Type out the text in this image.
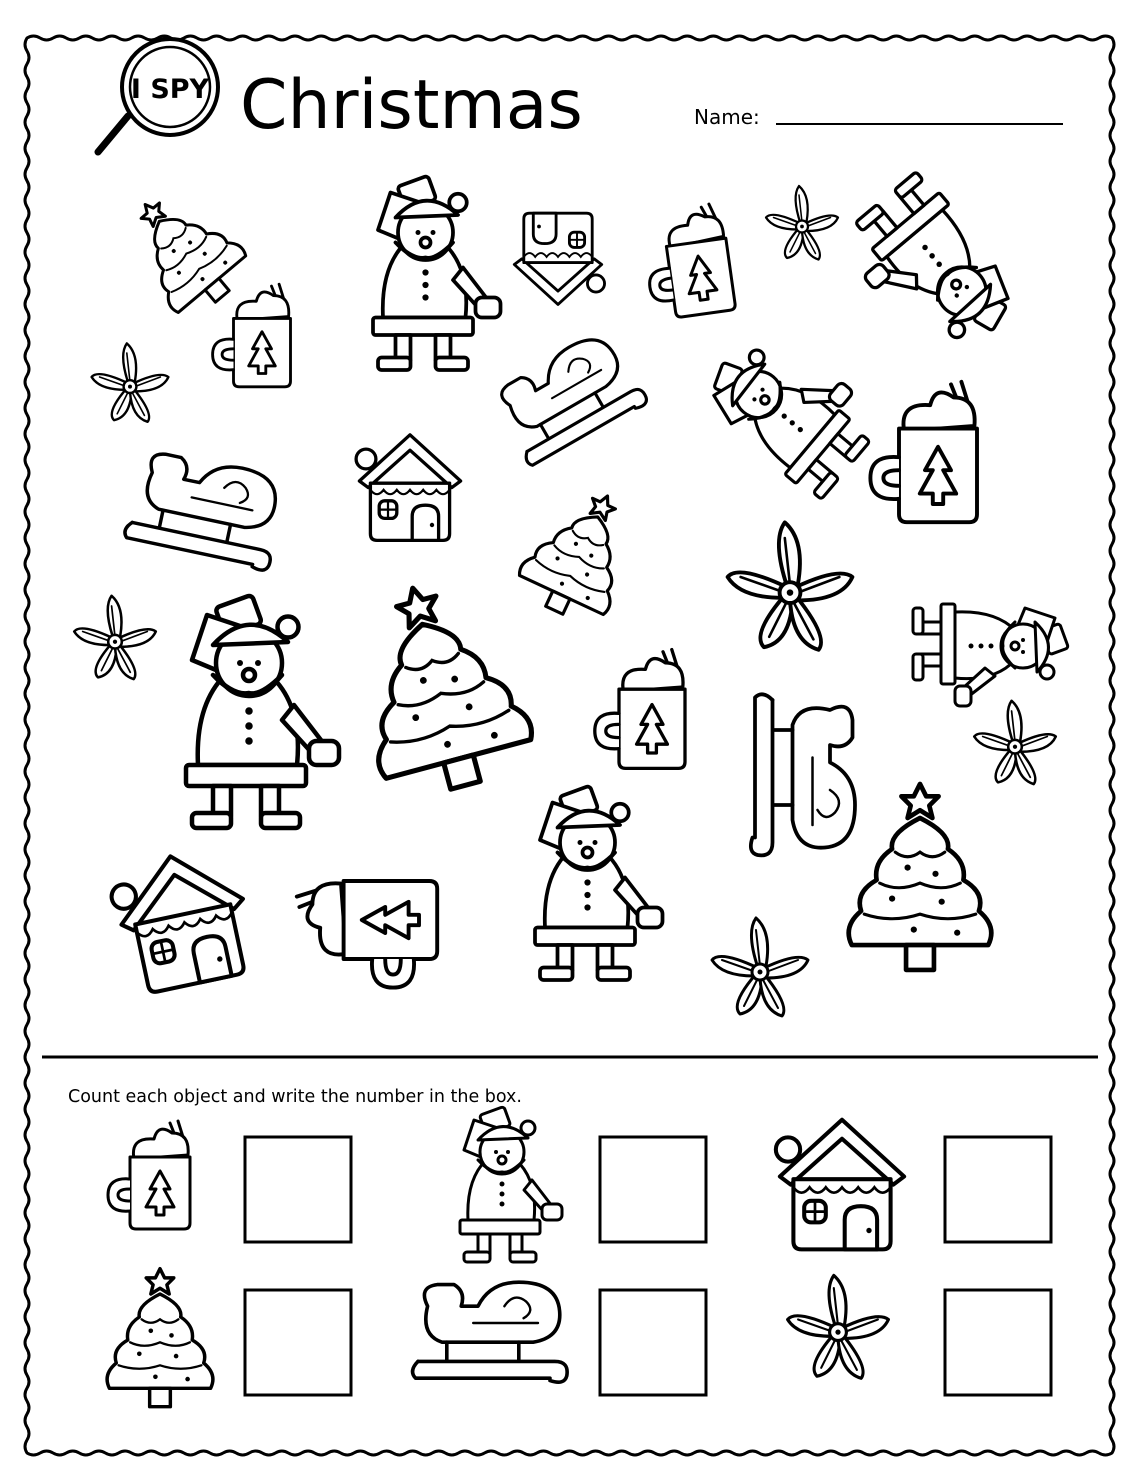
I SPY Christmas	Name:
Count each object and write the number in the box.
